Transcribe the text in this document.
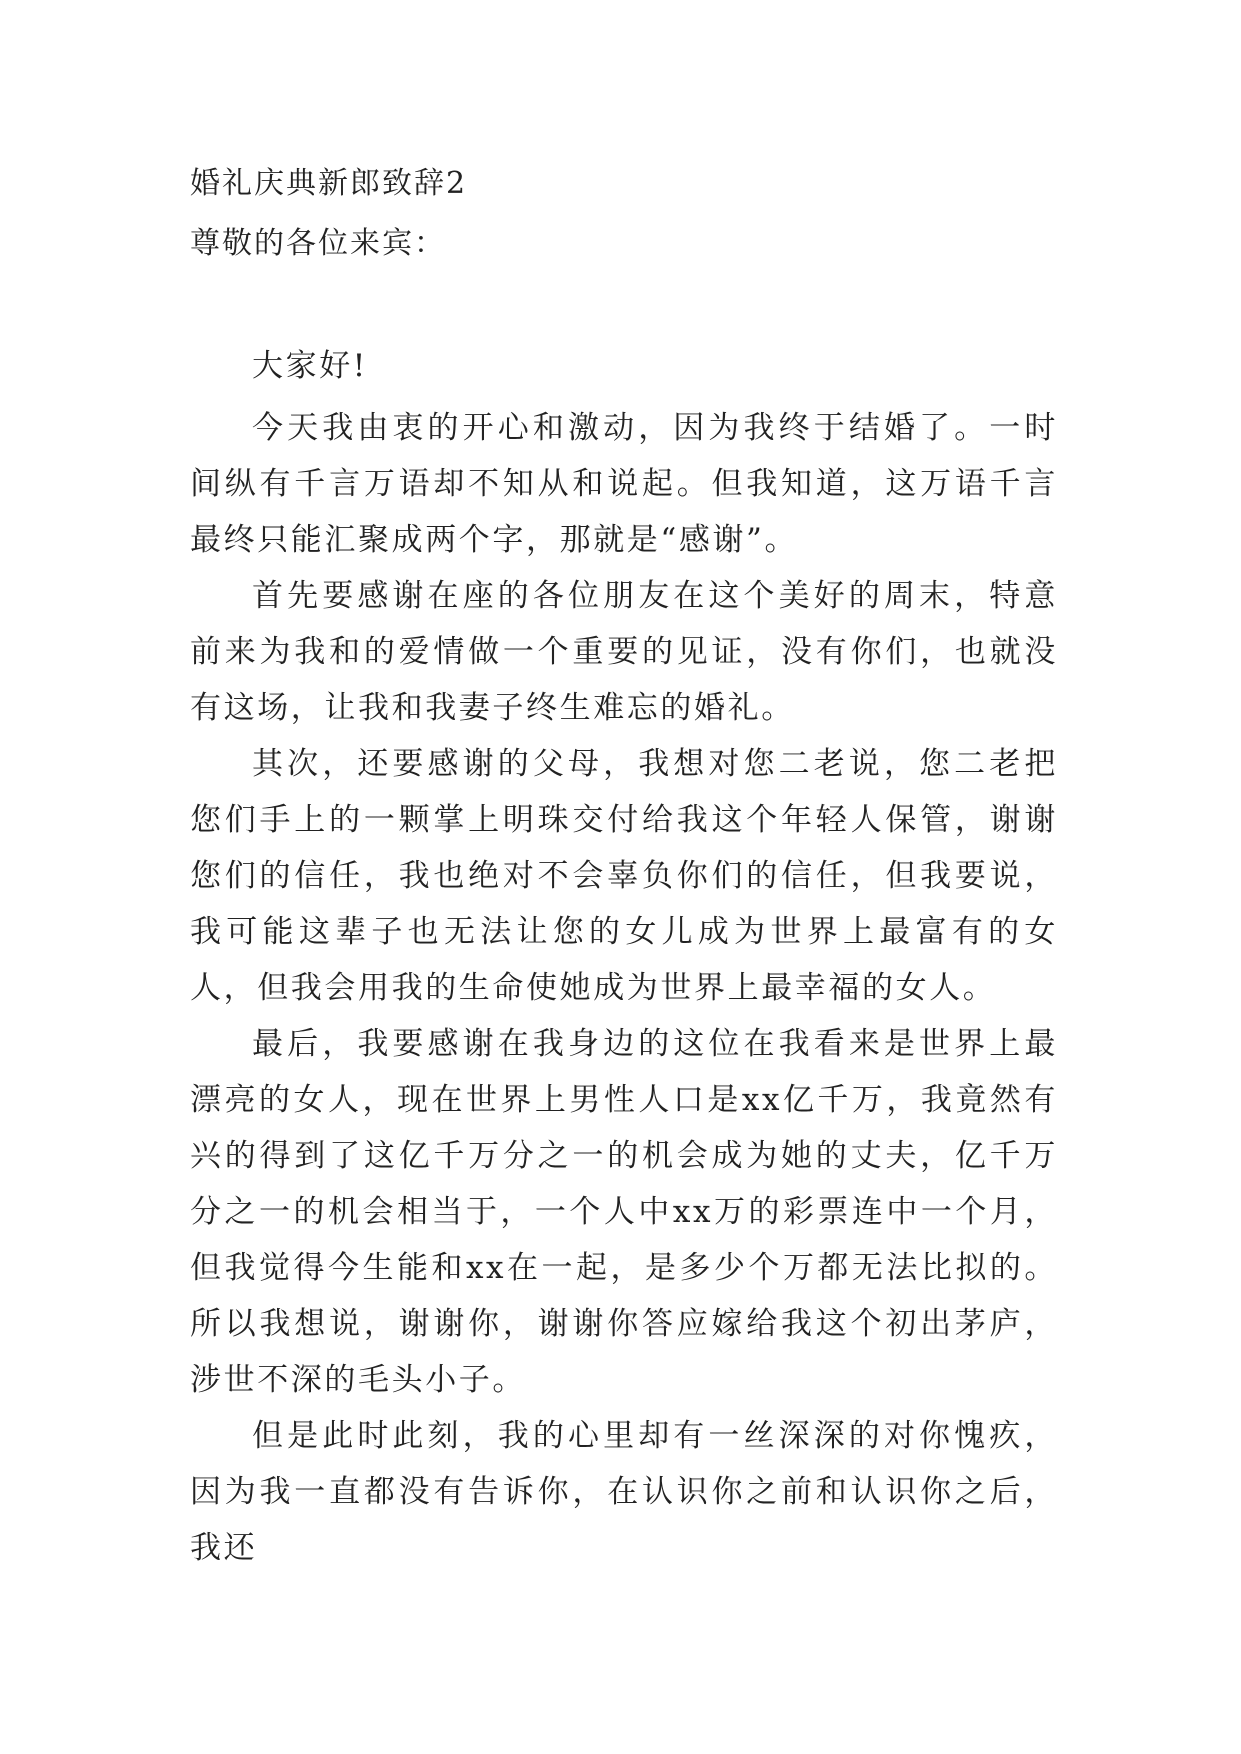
婚礼庆典新郎致辞2
尊敬的各位来宾：

大家好!

今天我由衷的开心和激动，因为我终于结婚了。一时间纵有千言万语却不知从和说起。但我知道，这万语千言最终只能汇聚成两个字，那就是“感谢”。

首先要感谢在座的各位朋友在这个美好的周末，特意前来为我和的爱情做一个重要的见证，没有你们，也就没有这场，让我和我妻子终生难忘的婚礼。

其次，还要感谢的父母，我想对您二老说，您二老把您们手上的一颗掌上明珠交付给我这个年轻人保管，谢谢您们的信任，我也绝对不会辜负你们的信任，但我要说，我可能这辈子也无法让您的女儿成为世界上最富有的女人，但我会用我的生命使她成为世界上最幸福的女人。

最后，我要感谢在我身边的这位在我看来是世界上最漂亮的女人，现在世界上男性人口是xx亿千万，我竟然有兴的得到了这亿千万分之一的机会成为她的丈夫，亿千万分之一的机会相当于，一个人中xx万的彩票连中一个月，但我觉得今生能和xx在一起，是多少个万都无法比拟的。所以我想说，谢谢你，谢谢你答应嫁给我这个初出茅庐，涉世不深的毛头小子。

但是此时此刻，我的心里却有一丝深深的对你愧疚，因为我一直都没有告诉你，在认识你之前和认识你之后，我还
